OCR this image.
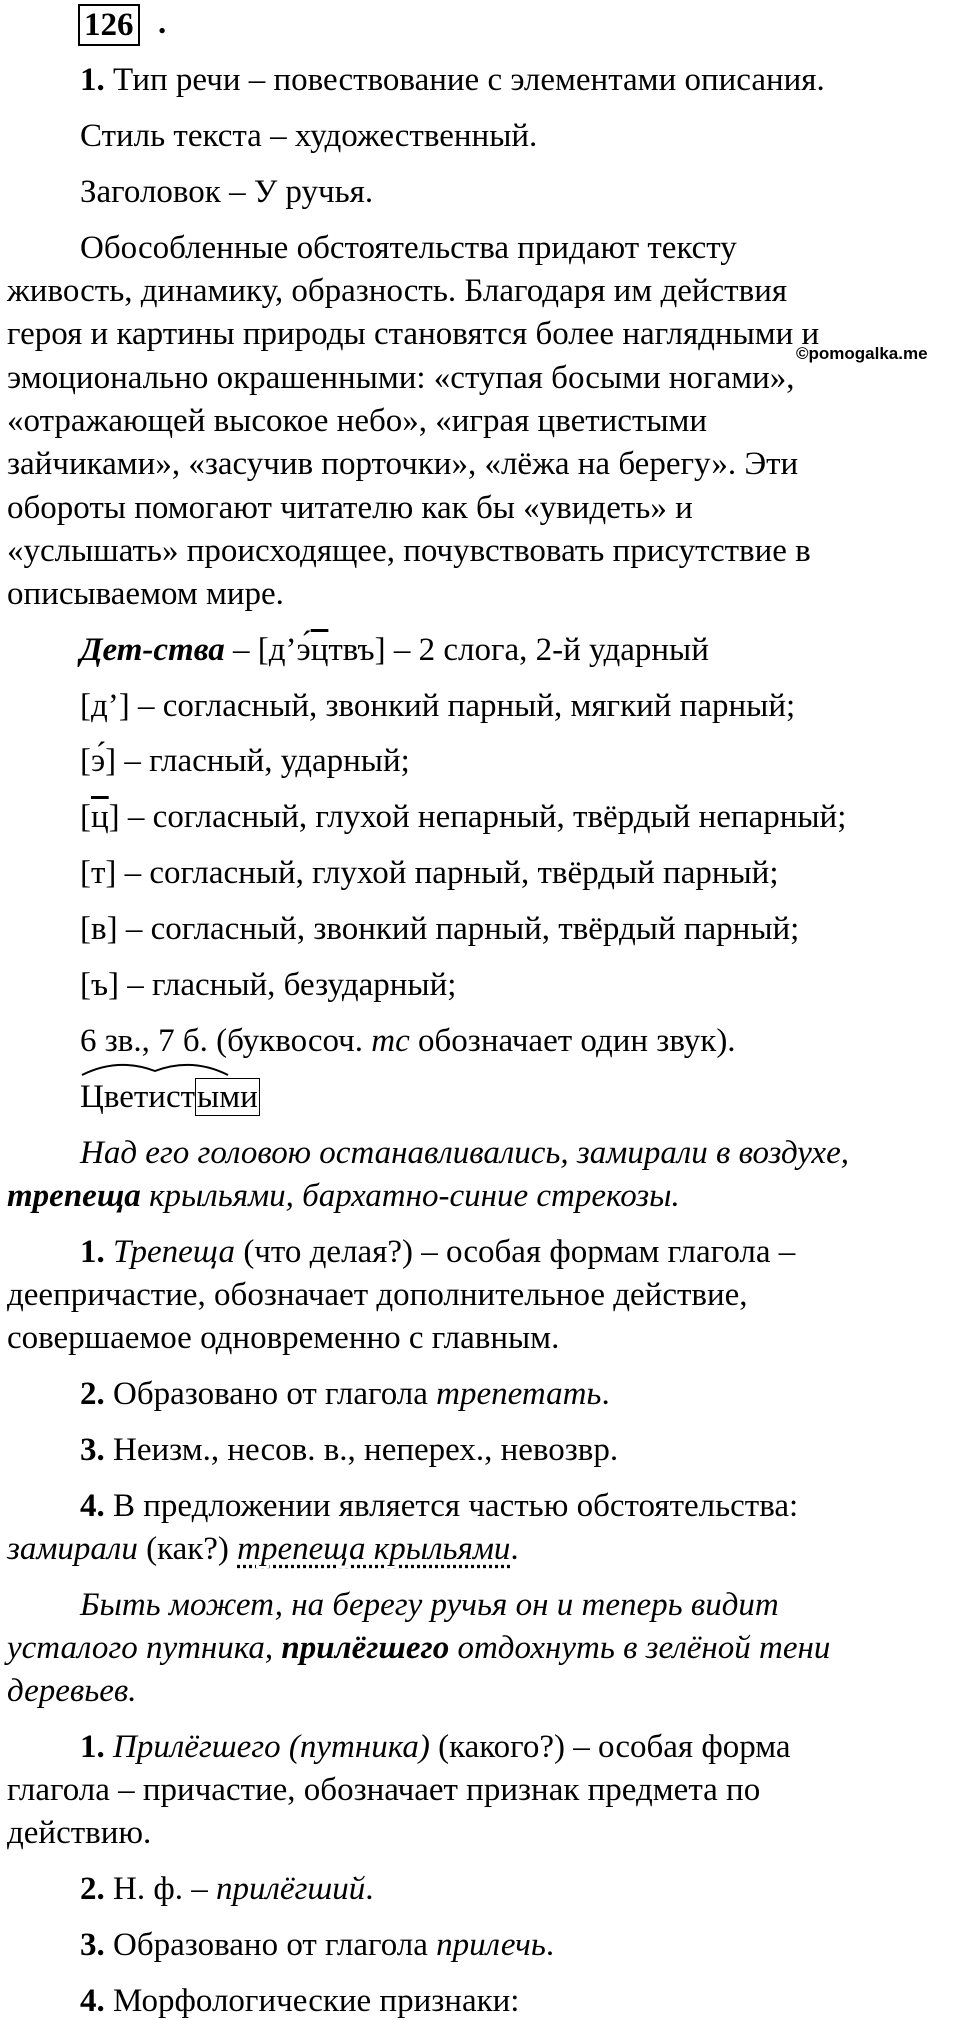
126 .
1. Тип речи – повествование с элементами описания.
Стиль текста – художественный.
Заголовок – У ручья.
Обособленные обстоятельства придают тексту
живость, динамику, образность. Благодаря им действия
героя и картины природы становятся более наглядными и
©pomogalka.me
эмоционально окрашенными: «ступая босыми ногами»,
«отражающей высокое небо», «играя цветистыми
зайчиками», «засучив порточки», «лёжа на берегу». Эти
обороты помогают читателю как бы «увидеть» и
«услышать» происходящее, почувствовать присутствие в
описываемом мире.
Дет-ства – [д’э́цтвъ] – 2 слога, 2-й ударный
[д’] – согласный, звонкий парный, мягкий парный;
[э́] – гласный, ударный;
[ц] – согласный, глухой непарный, твёрдый непарный;
[т] – согласный, глухой парный, твёрдый парный;
[в] – согласный, звонкий парный, твёрдый парный;
[ъ] – гласный, безударный;
6 зв., 7 б. (буквосоч. тс обозначает один звук).
Цветистыми
Над его головою останавливались, замирали в воздухе,
трепеща крыльями, бархатно-синие стрекозы.
1. Трепеща (что делая?) – особая формам глагола –
деепричастие, обозначает дополнительное действие,
совершаемое одновременно с главным.
2. Образовано от глагола трепетать.
3. Неизм., несов. в., неперех., невозвр.
4. В предложении является частью обстоятельства:
замирали (как?) трепеща крыльями.
Быть может, на берегу ручья он и теперь видит
усталого путника, прилёгшего отдохнуть в зелёной тени
деревьев.
1. Прилёгшего (путника) (какого?) – особая форма
глагола – причастие, обозначает признак предмета по
действию.
2. Н. ф. – прилёгший.
3. Образовано от глагола прилечь.
4. Морфологические признаки:
